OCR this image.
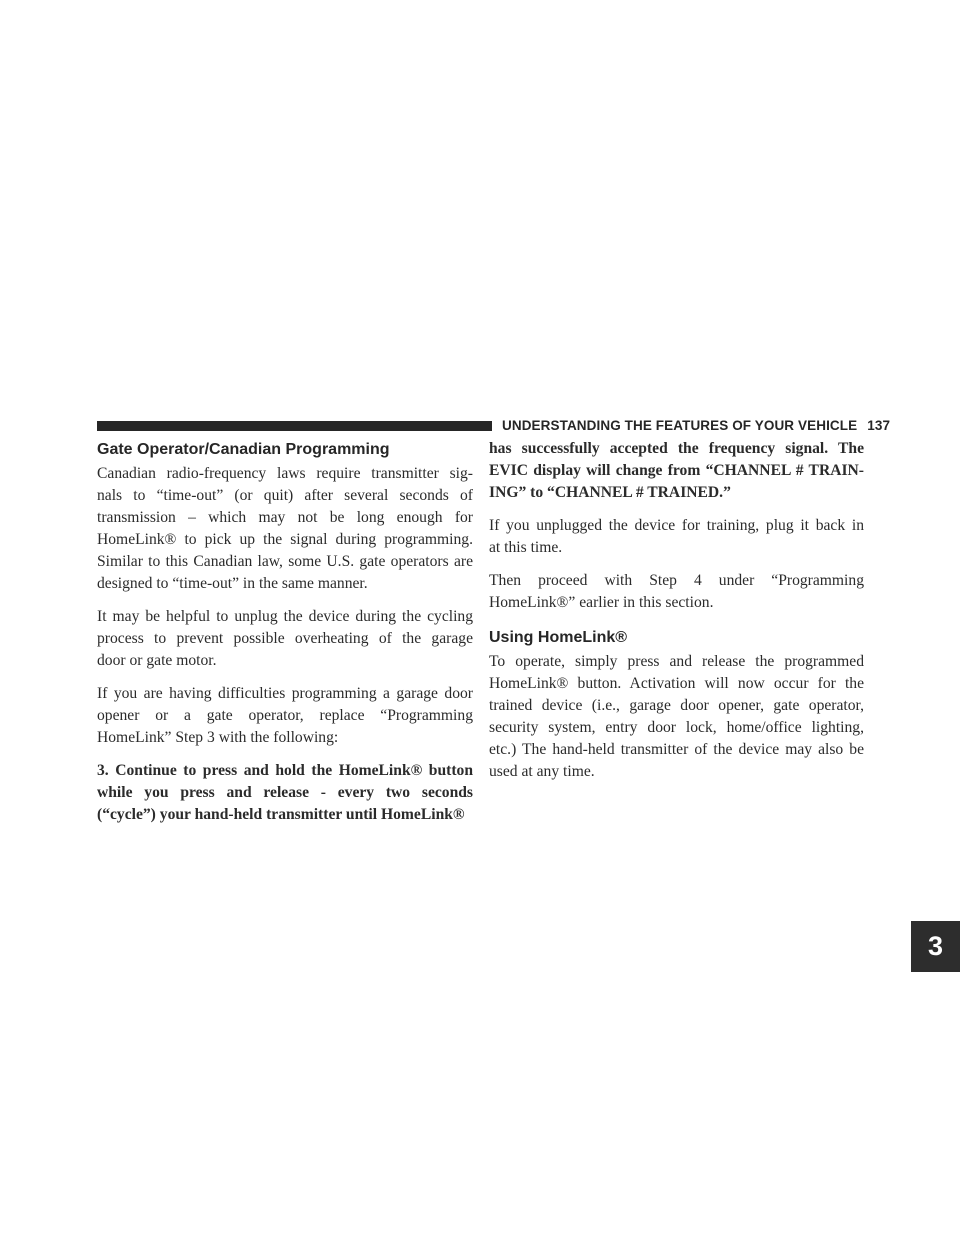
UNDERSTANDING THE FEATURES OF YOUR VEHICLE 137
3
Gate Operator/Canadian Programming

Canadian radio-frequency laws require transmitter sig-
nals to “time-out” (or quit) after several seconds of
transmission – which may not be long enough for
HomeLink® to pick up the signal during programming.
Similar to this Canadian law, some U.S. gate operators are
designed to “time-out” in the same manner.

It may be helpful to unplug the device during the cycling
process to prevent possible overheating of the garage
door or gate motor.

If you are having difficulties programming a garage door
opener or a gate operator, replace “Programming
HomeLink” Step 3 with the following:

3. Continue to press and hold the HomeLink® button
while you press and release - every two seconds
(“cycle”) your hand-held transmitter until HomeLink®

has successfully accepted the frequency signal. The
EVIC display will change from “CHANNEL # TRAIN-
ING” to “CHANNEL # TRAINED.”

If you unplugged the device for training, plug it back in
at this time.

Then proceed with Step 4 under “Programming
HomeLink®” earlier in this section.

Using HomeLink®

To operate, simply press and release the programmed
HomeLink® button. Activation will now occur for the
trained device (i.e., garage door opener, gate operator,
security system, entry door lock, home/office lighting,
etc.) The hand-held transmitter of the device may also be
used at any time.
